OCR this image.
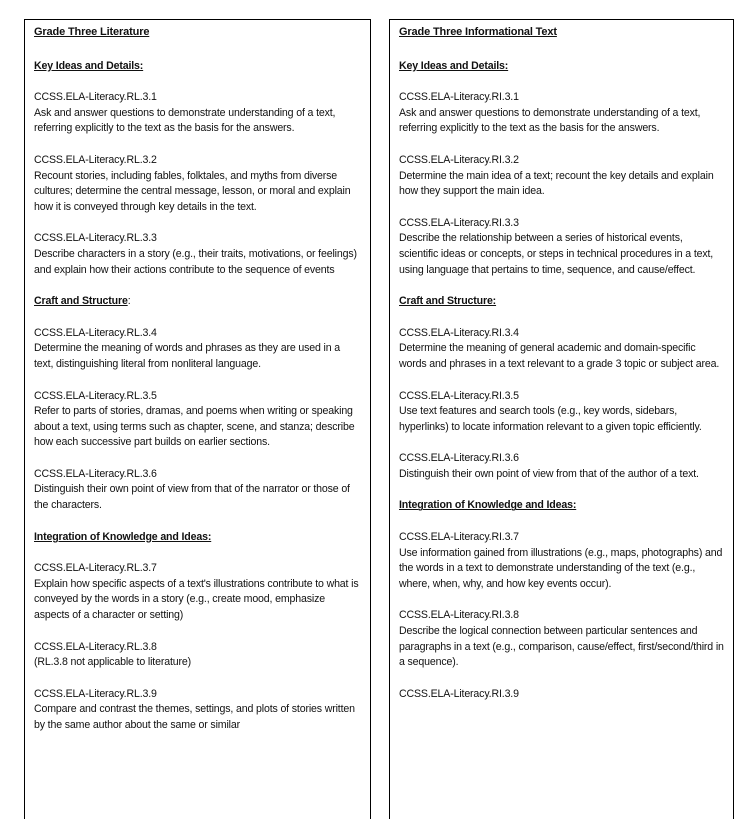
Grade Three Literature
Key Ideas and Details:
CCSS.ELA-Literacy.RL.3.1
Ask and answer questions to demonstrate understanding of a text, referring explicitly to the text as the basis for the answers.
CCSS.ELA-Literacy.RL.3.2
Recount stories, including fables, folktales, and myths from diverse cultures; determine the central message, lesson, or moral and explain how it is conveyed through key details in the text.
CCSS.ELA-Literacy.RL.3.3
Describe characters in a story (e.g., their traits, motivations, or feelings) and explain how their actions contribute to the sequence of events
Craft and Structure:
CCSS.ELA-Literacy.RL.3.4
Determine the meaning of words and phrases as they are used in a text, distinguishing literal from nonliteral language.
CCSS.ELA-Literacy.RL.3.5
Refer to parts of stories, dramas, and poems when writing or speaking about a text, using terms such as chapter, scene, and stanza; describe how each successive part builds on earlier sections.
CCSS.ELA-Literacy.RL.3.6
Distinguish their own point of view from that of the narrator or those of the characters.
Integration of Knowledge and Ideas:
CCSS.ELA-Literacy.RL.3.7
Explain how specific aspects of a text's illustrations contribute to what is conveyed by the words in a story (e.g., create mood, emphasize aspects of a character or setting)
CCSS.ELA-Literacy.RL.3.8
(RL.3.8 not applicable to literature)
CCSS.ELA-Literacy.RL.3.9
Compare and contrast the themes, settings, and plots of stories written by the same author about the same or similar
Grade Three Informational Text
Key Ideas and Details:
CCSS.ELA-Literacy.RI.3.1
Ask and answer questions to demonstrate understanding of a text, referring explicitly to the text as the basis for the answers.
CCSS.ELA-Literacy.RI.3.2
Determine the main idea of a text; recount the key details and explain how they support the main idea.
CCSS.ELA-Literacy.RI.3.3
Describe the relationship between a series of historical events, scientific ideas or concepts, or steps in technical procedures in a text, using language that pertains to time, sequence, and cause/effect.
Craft and Structure:
CCSS.ELA-Literacy.RI.3.4
Determine the meaning of general academic and domain-specific words and phrases in a text relevant to a grade 3 topic or subject area.
CCSS.ELA-Literacy.RI.3.5
Use text features and search tools (e.g., key words, sidebars, hyperlinks) to locate information relevant to a given topic efficiently.
CCSS.ELA-Literacy.RI.3.6
Distinguish their own point of view from that of the author of a text.
Integration of Knowledge and Ideas:
CCSS.ELA-Literacy.RI.3.7
Use information gained from illustrations (e.g., maps, photographs) and the words in a text to demonstrate understanding of the text (e.g., where, when, why, and how key events occur).
CCSS.ELA-Literacy.RI.3.8
Describe the logical connection between particular sentences and paragraphs in a text (e.g., comparison, cause/effect, first/second/third in a sequence).
CCSS.ELA-Literacy.RI.3.9
